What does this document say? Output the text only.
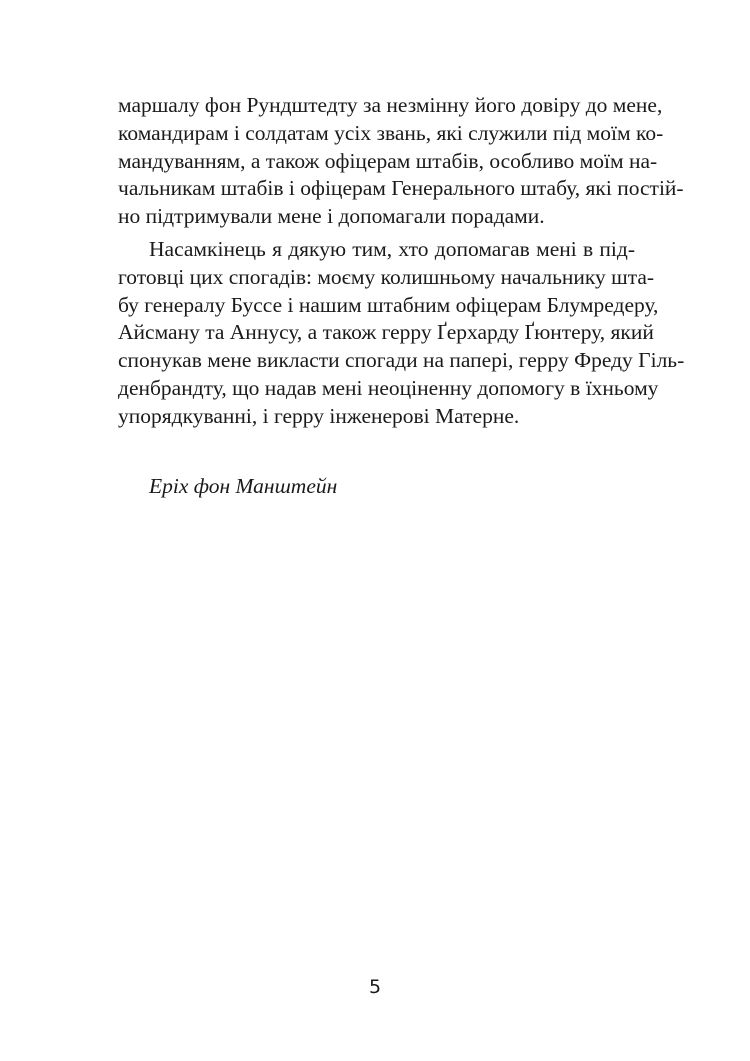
маршалу фон Рундштедту за незмінну його довіру до мене,
командирам і солдатам усіх звань, які служили під моїм ко-
мандуванням, а також офіцерам штабів, особливо моїм на-
чальникам штабів і офіцерам Генерального штабу, які постій-
но підтримували мене і допомагали порадами.
Насамкінець я дякую тим, хто допомагав мені в під-
готовці цих спогадів: моєму колишньому начальнику шта-
бу генералу Буссе і нашим штабним офіцерам Блумредеру,
Айсману та Аннусу, а також герру Ґерхарду Ґюнтеру, який
спонукав мене викласти спогади на папері, герру Фреду Гіль-
денбрандту, що надав мені неоціненну допомогу в їхньому
упорядкуванні, і герру інженерові Матерне.
Еріх фон Манштейн
5
